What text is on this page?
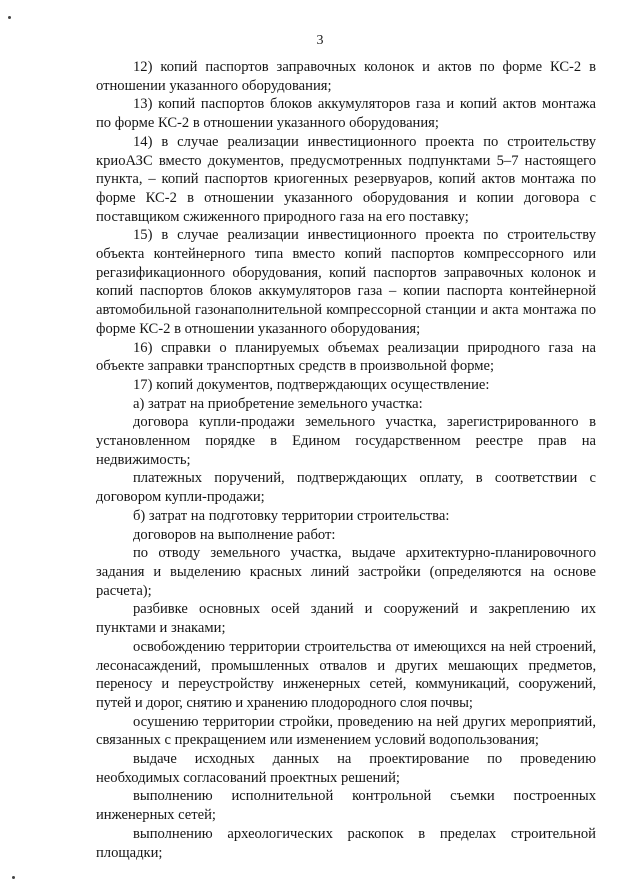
3

12) копий паспортов заправочных колонок и актов по форме КС-2 в отношении указанного оборудования;

13) копий паспортов блоков аккумуляторов газа и копий актов монтажа по форме КС-2 в отношении указанного оборудования;

14) в случае реализации инвестиционного проекта по строительству криоАЗС вместо документов, предусмотренных подпунктами 5–7 настоящего пункта, – копий паспортов криогенных резервуаров, копий актов монтажа по форме КС-2 в отношении указанного оборудования и копии договора с поставщиком сжиженного природного газа на его поставку;

15) в случае реализации инвестиционного проекта по строительству объекта контейнерного типа вместо копий паспортов компрессорного или регазификационного оборудования, копий паспортов заправочных колонок и копий паспортов блоков аккумуляторов газа – копии паспорта контейнерной автомобильной газонаполнительной компрессорной станции и акта монтажа по форме КС-2 в отношении указанного оборудования;

16) справки о планируемых объемах реализации природного газа на объекте заправки транспортных средств в произвольной форме;

17) копий документов, подтверждающих осуществление:

а) затрат на приобретение земельного участка:

договора купли-продажи земельного участка, зарегистрированного в установленном порядке в Едином государственном реестре прав на недвижимость;

платежных поручений, подтверждающих оплату, в соответствии с договором купли-продажи;

б) затрат на подготовку территории строительства:

договоров на выполнение работ:

по отводу земельного участка, выдаче архитектурно-планировочного задания и выделению красных линий застройки (определяются на основе расчета);

разбивке основных осей зданий и сооружений и закреплению их пунктами и знаками;

освобождению территории строительства от имеющихся на ней строений, лесонасаждений, промышленных отвалов и других мешающих предметов, переносу и переустройству инженерных сетей, коммуникаций, сооружений, путей и дорог, снятию и хранению плодородного слоя почвы;

осушению территории стройки, проведению на ней других мероприятий, связанных с прекращением или изменением условий водопользования;

выдаче исходных данных на проектирование по проведению необходимых согласований проектных решений;

выполнению исполнительной контрольной съемки построенных инженерных сетей;

выполнению археологических раскопок в пределах строительной площадки;
